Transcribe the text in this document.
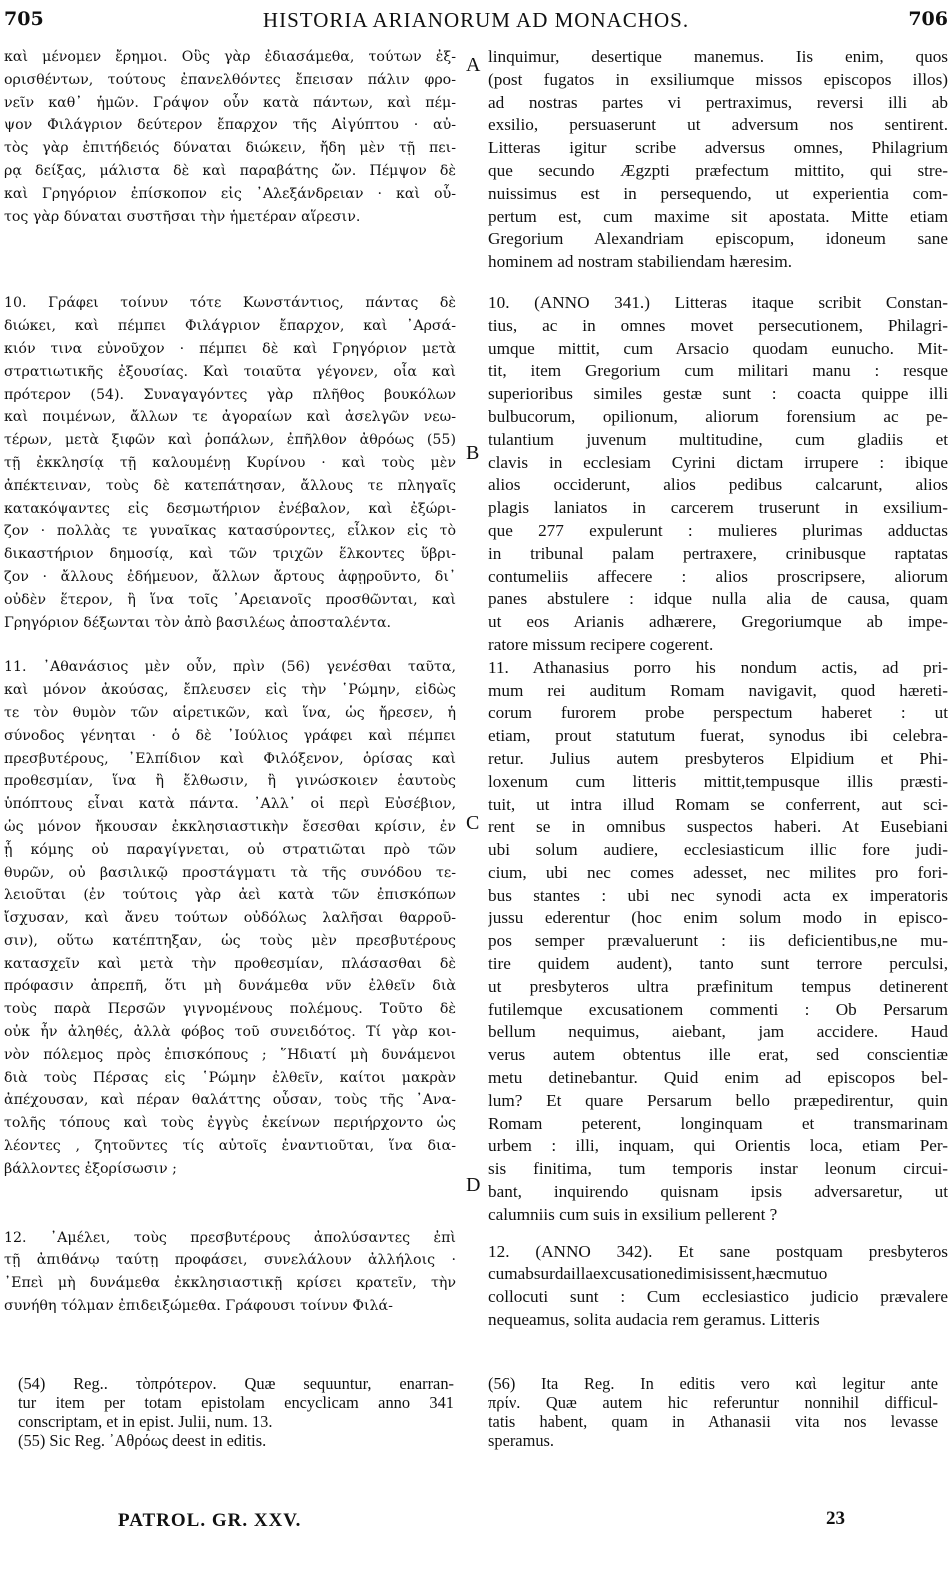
705	HISTORIA ARIANORUM AD MONACHOS.	706
καὶ μένομεν ἔρημοι. Οὓς γὰρ ἐδιασάμεθα, τούτων ἐξ-
ορισθέντων, τούτους ἐπανελθόντες ἔπεισαν πάλιν φρο-
νεῖν καθ᾽ ἡμῶν. Γράψον οὖν κατὰ πάντων, καὶ πέμ-
ψον Φιλάγριον δεύτερον ἔπαρχον τῆς Αἰγύπτου · αὐ-
τὸς γὰρ ἐπιτήδειός δύναται διώκειν, ἤδη μὲν τῇ πει-
ρᾳ δείξας, μάλιστα δὲ καὶ παραβάτης ὤν. Πέμψον δὲ
καὶ Γρηγόριον ἐπίσκοπον εἰς ᾽Αλεξάνδρειαν · καὶ οὗ-
τος γὰρ δύναται συστῆσαι τὴν ἡμετέραν αἵρεσιν.
10. Γράφει τοίνυν τότε Κωνστάντιος, πάντας δὲ
διώκει, καὶ πέμπει Φιλάγριον ἔπαρχον, καὶ ᾽Αρσά-
κιόν τινα εὐνοῦχον · πέμπει δὲ καὶ Γρηγόριον μετὰ
στρατιωτικῆς ἐξουσίας. Καὶ τοιαῦτα γέγονεν, οἷα καὶ
πρότερον (54). Συναγαγόντες γὰρ πλῆθος βουκόλων
καὶ ποιμένων, ἄλλων τε ἀγοραίων καὶ ἀσελγῶν νεω-
τέρων, μετὰ ξιφῶν καὶ ῥοπάλων, ἐπῆλθον ἀθρόως (55)
τῇ ἐκκλησίᾳ τῇ καλουμένῃ Κυρίνου · καὶ τοὺς μὲν
ἀπέκτειναν, τοὺς δὲ κατεπάτησαν, ἄλλους τε πληγαῖς
κατακόψαντες εἰς δεσμωτήριον ἐνέβαλον, καὶ ἐξώρι-
ζον · πολλὰς τε γυναῖκας κατασύροντες, εἷλκον εἰς τὸ
δικαστήριον δημοσίᾳ, καὶ τῶν τριχῶν ἕλκοντες ὕβρι-
ζον · ἄλλους ἐδήμευον, ἄλλων ἄρτους ἀφῃροῦντο, δι᾽
οὐδὲν ἕτερον, ἢ ἵνα τοῖς ᾽Αρειανοῖς προσθῶνται, καὶ
Γρηγόριον δέξωνται τὸν ἀπὸ βασιλέως ἀποσταλέντα.
11. ᾽Αθανάσιος μὲν οὖν, πρὶν (56) γενέσθαι ταῦτα,
καὶ μόνον ἀκούσας, ἔπλευσεν εἰς τὴν ῾Ρώμην, εἰδὼς
τε τὸν θυμὸν τῶν αἱρετικῶν, καὶ ἵνα, ὡς ἤρεσεν, ἡ
σύνοδος γένηται · ὁ δὲ ᾽Ιούλιος γράφει καὶ πέμπει
πρεσβυτέρους, ᾽Ελπίδιον καὶ Φιλόξενον, ὁρίσας καὶ
προθεσμίαν, ἵνα ἢ ἔλθωσιν, ἢ γινώσκοιεν ἑαυτοὺς
ὑπόπτους εἶναι κατὰ πάντα. ᾽Αλλ᾽ οἱ περὶ Εὐσέβιον,
ὡς μόνον ἤκουσαν ἐκκλησιαστικὴν ἔσεσθαι κρίσιν, ἐν
ᾗ κόμης οὐ παραγίγνεται, οὐ στρατιῶται πρὸ τῶν
θυρῶν, οὐ βασιλικῷ προστάγματι τὰ τῆς συνόδου τε-
λειοῦται (ἐν τούτοις γὰρ ἀεὶ κατὰ τῶν ἐπισκόπων
ἴσχυσαν, καὶ ἄνευ τούτων οὐδόλως λαλῆσαι θαρροῦ-
σιν), οὕτω κατέπτηξαν, ὡς τοὺς μὲν πρεσβυτέρους
κατασχεῖν καὶ μετὰ τὴν προθεσμίαν, πλάσασθαι δὲ
πρόφασιν ἀπρεπῆ, ὅτι μὴ δυνάμεθα νῦν ἐλθεῖν διὰ
τοὺς παρὰ Περσῶν γιγνομένους πολέμους. Τοῦτο δὲ
οὐκ ἦν ἀληθές, ἀλλὰ φόβος τοῦ συνειδότος. Τί γὰρ κοι-
νὸν πόλεμος πρὸς ἐπισκόπους ; ῞Ηδιατί μὴ δυνάμενοι
διὰ τοὺς Πέρσας εἰς ῾Ρώμην ἐλθεῖν, καίτοι μακρὰν
ἀπέχουσαν, καὶ πέραν θαλάττης οὖσαν, τοὺς τῆς ᾽Ανα-
τολῆς τόπους καὶ τοὺς ἐγγὺς ἐκείνων περιήρχοντο ὡς
λέοντες , ζητοῦντες τίς αὐτοῖς ἐναντιοῦται, ἵνα δια-
βάλλοντες ἐξορίσωσιν ;
12. ᾽Αμέλει, τοὺς πρεσβυτέρους ἀπολύσαντες ἐπὶ
τῇ ἀπιθάνῳ ταύτῃ προφάσει, συνελάλουν ἀλλήλοις ·
᾽Επεὶ μὴ δυνάμεθα ἐκκλησιαστικῇ κρίσει κρατεῖν, τὴν
συνήθη τόλμαν ἐπιδειξώμεθα. Γράφουσι τοίνυν Φιλά-
linquimur, desertique manemus. Iis enim, quos
(post fugatos in exsiliumque missos episcopos illos)
ad nostras partes vi pertraximus, reversi illi ab
exsilio, persuaserunt ut adversum nos sentirent.
Litteras igitur scribe adversus omnes, Philagrium
que secundo Ægzpti præfectum mittito, qui stre-
nuissimus est in persequendo, ut experientia com-
pertum est, cum maxime sit apostata. Mitte etiam
Gregorium Alexandriam episcopum, idoneum sane
hominem ad nostram stabiliendam hæresim.
10. (ANNO 341.) Litteras itaque scribit Constan-
tius, ac in omnes movet persecutionem, Philagri-
umque mittit, cum Arsacio quodam eunucho. Mit-
tit, item Gregorium cum militari manu : resque
superioribus similes gestæ sunt : coacta quippe illi
bulbucorum, opilionum, aliorum forensium ac pe-
tulantium juvenum multitudine, cum gladiis et
clavis in ecclesiam Cyrini dictam irrupere : ibique
alios occiderunt, alios pedibus calcarunt, alios
plagis laniatos in carcerem truserunt in exsilium-
que 277 expulerunt : mulieres plurimas adductas
in tribunal palam pertraxere, crinibusque raptatas
contumeliis affecere : alios proscripsere, aliorum
panes abstulere : idque nulla alia de causa, quam
ut eos Arianis adhærere, Gregoriumque ab impe-
ratore missum recipere cogerent.
11. Athanasius porro his nondum actis, ad pri-
mum rei auditum Romam navigavit, quod hæreti-
corum furorem probe perspectum haberet : ut
etiam, prout statutum fuerat, synodus ibi celebra-
retur. Julius autem presbyteros Elpidium et Phi-
loxenum cum litteris mittit,tempusque illis præsti-
tuit, ut intra illud Romam se conferrent, aut sci-
rent se in omnibus suspectos haberi. At Eusebiani
ubi solum audiere, ecclesiasticum illic fore judi-
cium, ubi nec comes adesset, nec milites pro fori-
bus stantes : ubi nec synodi acta ex imperatoris
jussu ederentur (hoc enim solum modo in episco-
pos semper prævaluerunt : iis deficientibus,ne mu-
tire quidem audent), tanto sunt terrore perculsi,
ut presbyteros ultra præfinitum tempus detinerent
futilemque excusationem commenti : Ob Persarum
bellum nequimus, aiebant, jam accidere. Haud
verus autem obtentus ille erat, sed conscientiæ
metu detinebantur. Quid enim ad episcopos bel-
lum? Et quare Persarum bello præpedirentur, quin
Romam peterent, longinquam et transmarinam
urbem : illi, inquam, qui Orientis loca, etiam Per-
sis finitima, tum temporis instar leonum circui-
bant, inquirendo quisnam ipsis adversaretur, ut
calumniis cum suis in exsilium pellerent ?
12. (ANNO 342). Et sane postquam presbyteros
cumabsurdaillaexcusationedimisissent,hæcmutuo
collocuti sunt : Cum ecclesiastico judicio prævalere
nequeamus, solita audacia rem geramus. Litteris
A
B
C
D
(54) Reg.. τὸπρότερον. Quæ sequuntur, enarran-
tur item per totam epistolam encyclicam anno 341
conscriptam, et in epist. Julii, num. 13.
(55) Sic Reg. ᾽Αθρόως deest in editis.
(56) Ita Reg. In editis vero καὶ legitur ante
πρίν. Quæ autem hic referuntur nonnihil difficul-
tatis habent, quam in Athanasii vita nos levasse
speramus.
PATROL. GR. XXV.	23
